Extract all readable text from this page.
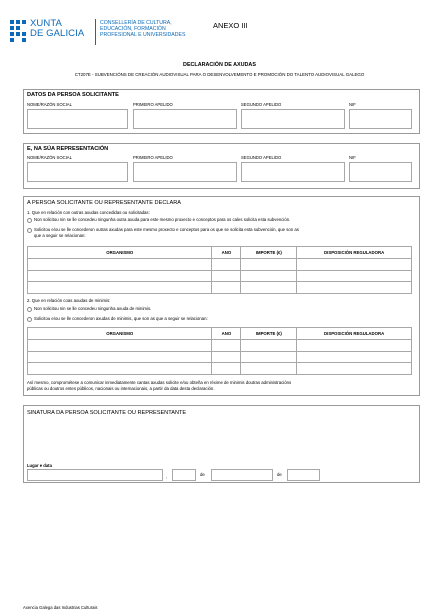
XUNTA
DE GALICIA
CONSELLERÍA DE CULTURA,
EDUCACIÓN, FORMACIÓN
PROFESIONAL E UNIVERSIDADES
ANEXO III
DECLARACIÓN DE AXUDAS
CT207E - SUBVENCIÓNS DE CREACIÓN AUDIOVISUAL PARA O DESENVOLVEMENTO E PROMOCIÓN DO TALENTO AUDIOVISUAL GALEGO
DATOS DA PERSOA SOLICITANTE
NOME/RAZÓN SOCIAL	PRIMEIRO APELIDO	SEGUNDO APELIDO	NIF
E, NA SÚA REPRESENTACIÓN
NOME/RAZÓN SOCIAL	PRIMEIRO APELIDO	SEGUNDO APELIDO	NIF
A PERSOA SOLICITANTE OU REPRESENTANTE DECLARA
1. Que en relación con outras axudas concedidas ou solicitadas:
Non solicitou nin se lle concedeu ningunha outra axuda para este mesmo proxecto e conceptos para os cales solicita esta subvención.
Solicitou e/ou se lle concederon outras axudas para este mesmo proxecto e conceptos para os que se solicita esta subvención, que son as
que a seguir se relacionan:
ORGANISMO	ANO	IMPORTE (€)	DISPOSICIÓN REGULADORA

2. Que en relación coas axudas de minimis:
Non solicitou nin se lle concedeu ningunha axuda de minimis.
Solicitou e/ou se lle concederon axudas de minimis, que son as que a seguir se relacionan:
ORGANISMO	ANO	IMPORTE (€)	DISPOSICIÓN REGULADORA

Así mesmo, comprométese a comunicar inmediatamente cantas axudas solicite e/ou obteña en réxime de minimis doutras administracións
públicas ou doutros entes públicos, nacionais ou internacionais, a partir da data desta declaración.
SINATURA DA PERSOA SOLICITANTE OU REPRESENTANTE
Lugar e data
,	de	de
Axencia Galega das Industrias Culturais
